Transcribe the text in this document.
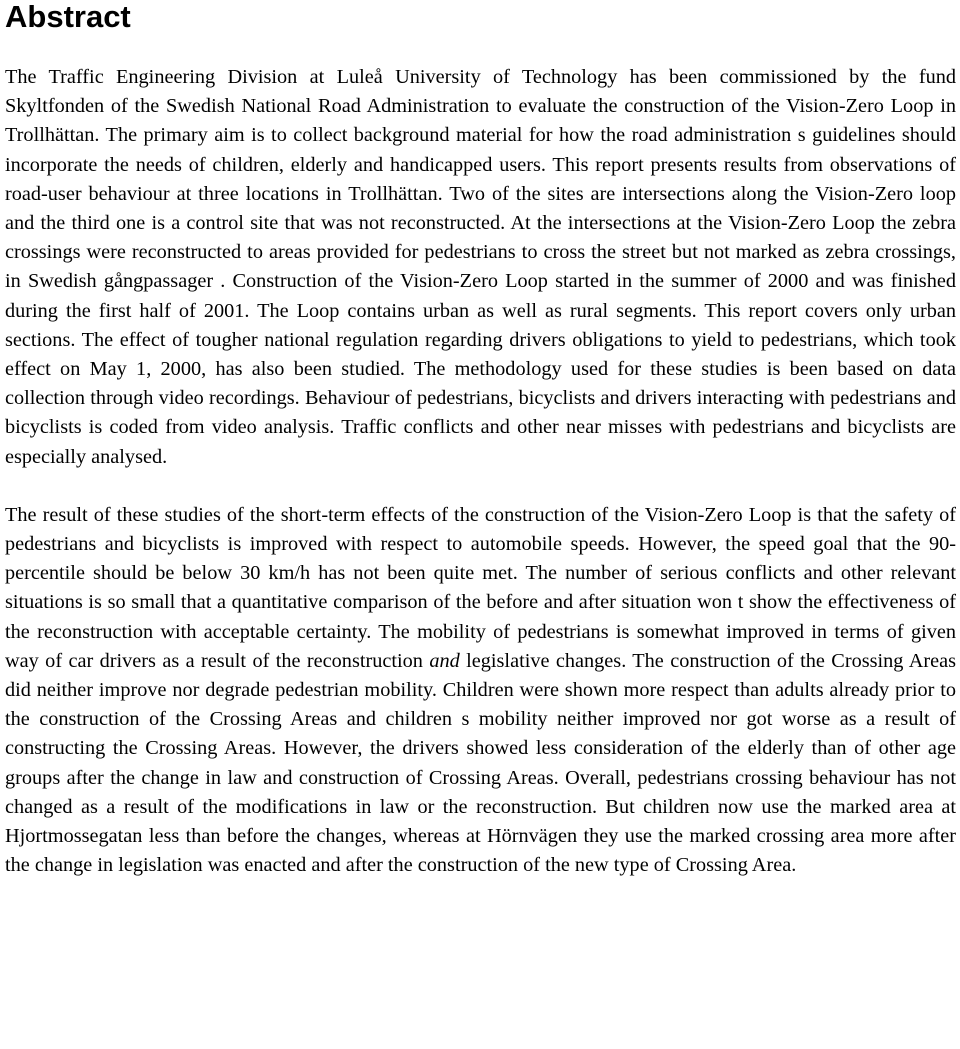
Abstract

The Traffic Engineering Division at Luleå University of Technology has been commissioned by the fund Skyltfonden of the Swedish National Road Administration to evaluate the construction of the Vision-Zero Loop in Trollhättan. The primary aim is to collect background material for how the road administration s guidelines should incorporate the needs of children, elderly and handicapped users. This report presents results from observations of road-user behaviour at three locations in Trollhättan. Two of the sites are intersections along the Vision-Zero loop and the third one is a control site that was not reconstructed. At the intersections at the Vision-Zero Loop the zebra crossings were reconstructed to areas provided for pedestrians to cross the street but not marked as zebra crossings, in Swedish gångpassager . Construction of the Vision-Zero Loop started in the summer of 2000 and was finished during the first half of 2001. The Loop contains urban as well as rural segments. This report covers only urban sections. The effect of tougher national regulation regarding drivers obligations to yield to pedestrians, which took effect on May 1, 2000, has also been studied. The methodology used for these studies is been based on data collection through video recordings. Behaviour of pedestrians, bicyclists and drivers interacting with pedestrians and bicyclists is coded from video analysis. Traffic conflicts and other near misses with pedestrians and bicyclists are especially analysed.

The result of these studies of the short-term effects of the construction of the Vision-Zero Loop is that the safety of pedestrians and bicyclists is improved with respect to automobile speeds. However, the speed goal that the 90-percentile should be below 30 km/h has not been quite met. The number of serious conflicts and other relevant situations is so small that a quantitative comparison of the before and after situation won t show the effectiveness of the reconstruction with acceptable certainty. The mobility of pedestrians is somewhat improved in terms of given way of car drivers as a result of the reconstruction and legislative changes. The construction of the Crossing Areas did neither improve nor degrade pedestrian mobility. Children were shown more respect than adults already prior to the construction of the Crossing Areas and children s mobility neither improved nor got worse as a result of constructing the Crossing Areas. However, the drivers showed less consideration of the elderly than of other age groups after the change in law and construction of Crossing Areas. Overall, pedestrians crossing behaviour has not changed as a result of the modifications in law or the reconstruction. But children now use the marked area at Hjortmossegatan less than before the changes, whereas at Hörnvägen they use the marked crossing area more after the change in legislation was enacted and after the construction of the new type of Crossing Area.
